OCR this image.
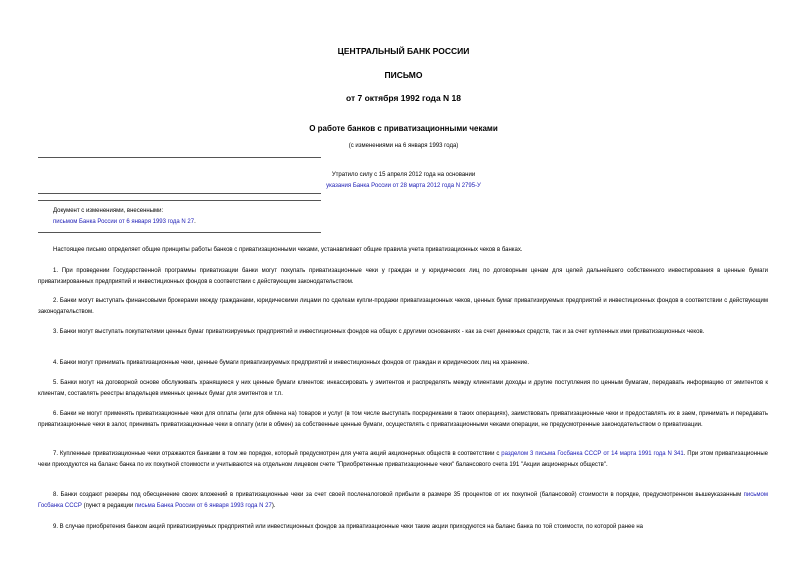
ЦЕНТРАЛЬНЫЙ БАНК РОССИИ
ПИСЬМО
от 7 октября 1992 года N 18
О работе банков с приватизационными чеками
(с изменениями на 6 января 1993 года)
Утратило силу с 15 апреля 2012 года на основании
указания Банка России от 28 марта 2012 года N 2795-У
Документ с изменениями, внесенными:
письмом Банка России от 6 января 1993 года N 27.
Настоящее письмо определяет общие принципы работы банков с приватизационными чеками, устанавливает общие правила учета приватизационных чеков в банках.
1. При проведении Государственной программы приватизации банки могут покупать приватизационные чеки у граждан и у юридических лиц по договорным ценам для целей дальнейшего собственного инвестирования в ценные бумаги приватизированных предприятий и инвестиционных фондов в соответствии с действующим законодательством.
2. Банки могут выступать финансовыми брокерами между гражданами, юридическими лицами по сделкам купли-продажи приватизационных чеков, ценных бумаг приватизируемых предприятий и инвестиционных фондов в соответствии с действующим законодательством.
3. Банки могут выступать покупателями ценных бумаг приватизируемых предприятий и инвестиционных фондов на общих с другими основаниях - как за счет денежных средств, так и за счет купленных ими приватизационных чеков.
4. Банки могут принимать приватизационные чеки, ценные бумаги приватизируемых предприятий и инвестиционных фондов от граждан и юридических лиц на хранение.
5. Банки могут на договорной основе обслуживать хранящиеся у них ценные бумаги клиентов: инкассировать у эмитентов и распределять между клиентами доходы и другие поступления по ценным бумагам, передавать информацию от эмитентов к клиентам, составлять реестры владельцев именных ценных бумаг для эмитентов и т.п.
6. Банки не могут применять приватизационные чеки для оплаты (или для обмена на) товаров и услуг (в том числе выступать посредниками в таких операциях), заимствовать приватизационные чеки и предоставлять их в заем, принимать и передавать приватизационные чеки в залог, принимать приватизационные чеки в оплату (или в обмен) за собственные ценные бумаги, осуществлять с приватизационными чеками операции, не предусмотренные законодательством о приватизации.
7. Купленные приватизационные чеки отражаются банками в том же порядке, который предусмотрен для учета акций акционерных обществ в соответствии с разделом 3 письма Госбанка СССР от 14 марта 1991 года N 341. При этом приватизационные чеки приходуются на баланс банка по их покупной стоимости и учитываются на отдельном лицевом счете "Приобретенные приватизационные чеки" балансового счета 191 "Акции акционерных обществ".
8. Банки создают резервы под обесценение своих вложений в приватизационные чеки за счет своей посленалоговой прибыли в размере 35 процентов от их покупной (балансовой) стоимости в порядке, предусмотренном вышеуказанным письмом Госбанка СССР (пункт в редакции письма Банка России от 6 января 1993 года N 27).
9. В случае приобретения банком акций приватизируемых предприятий или инвестиционных фондов за приватизационные чеки такие акции приходуются на баланс банка по той стоимости, по которой ранее на
